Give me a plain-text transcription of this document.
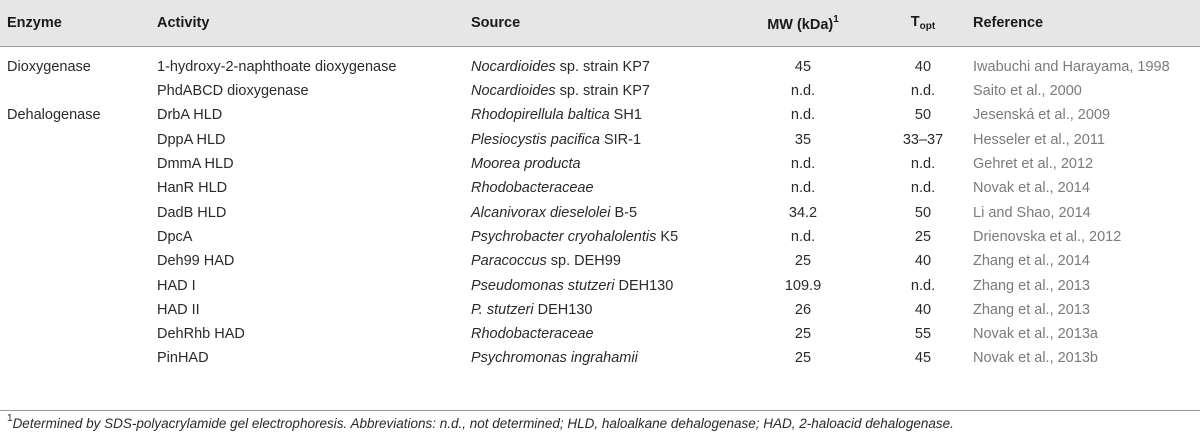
Enzyme	Activity	Source	MW (kDa)$^1$	$T_{opt}$	Reference
Dioxygenase	1-hydroxy-2-naphthoate dioxygenase	Nocardioides sp. strain KP7	45	40	Iwabuchi and Harayama, 1998
	PhdABCD dioxygenase	Nocardioides sp. strain KP7	n.d.	n.d.	Saito et al., 2000
Dehalogenase	DrbA HLD	Rhodopirellula baltica SH1	n.d.	50	Jesenská et al., 2009
	DppA HLD	Plesiocystis pacifica SIR-1	35	33–37	Hesseler et al., 2011
	DmmA HLD	Moorea producta	n.d.	n.d.	Gehret et al., 2012
	HanR HLD	Rhodobacteraceae	n.d.	n.d.	Novak et al., 2014
	DadB HLD	Alcanivorax dieselolei B-5	34.2	50	Li and Shao, 2014
	DpcA	Psychrobacter cryohalolentis K5	n.d.	25	Drienovska et al., 2012
	Deh99 HAD	Paracoccus sp. DEH99	25	40	Zhang et al., 2014
	HAD I	Pseudomonas stutzeri DEH130	109.9	n.d.	Zhang et al., 2013
	HAD II	P. stutzeri DEH130	26	40	Zhang et al., 2013
	DehRhb HAD	Rhodobacteraceae	25	55	Novak et al., 2013a
	PinHAD	Psychromonas ingrahamii	25	45	Novak et al., 2013b
$^1$Determined by SDS-polyacrylamide gel electrophoresis. Abbreviations: n.d., not determined; HLD, haloalkane dehalogenase; HAD, 2-haloacid dehalogenase.
